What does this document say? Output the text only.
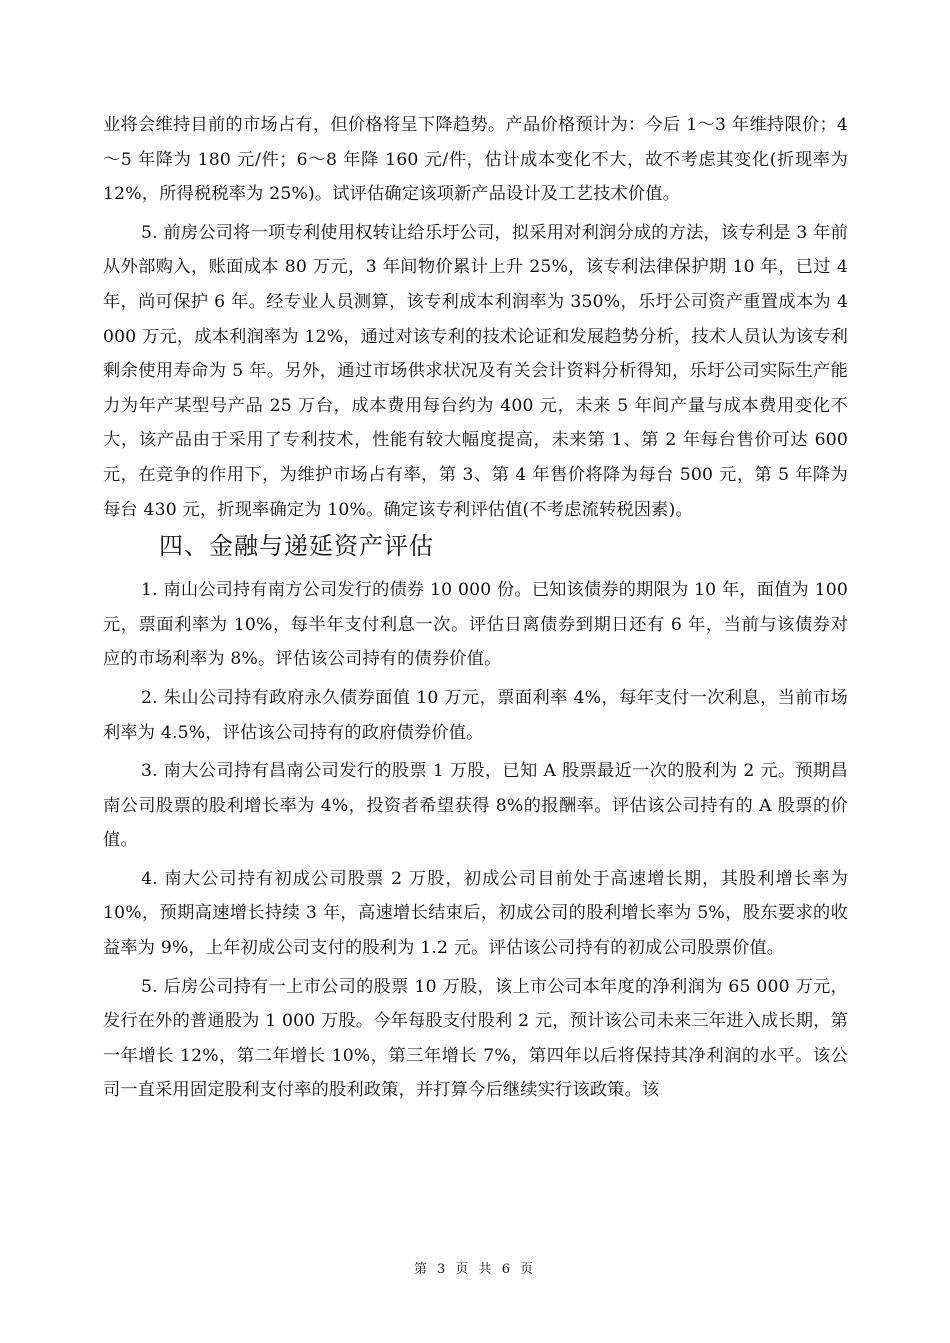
业将会维持目前的市场占有，但价格将呈下降趋势。产品价格预计为：今后 1～3 年维持限价；4～5 年降为 180 元/件；6～8 年降 160 元/件，估计成本变化不大，故不考虑其变化(折现率为 12%，所得税税率为 25%)。试评估确定该项新产品设计及工艺技术价值。

5. 前房公司将一项专利使用权转让给乐圩公司，拟采用对利润分成的方法，该专利是 3 年前从外部购入，账面成本 80 万元，3 年间物价累计上升 25%，该专利法律保护期 10 年，已过 4 年，尚可保护 6 年。经专业人员测算，该专利成本利润率为 350%，乐圩公司资产重置成本为 4 000 万元，成本利润率为 12%，通过对该专利的技术论证和发展趋势分析，技术人员认为该专利剩余使用寿命为 5 年。另外，通过市场供求状况及有关会计资料分析得知，乐圩公司实际生产能力为年产某型号产品 25 万台，成本费用每台约为 400 元，未来 5 年间产量与成本费用变化不大，该产品由于采用了专利技术，性能有较大幅度提高，未来第 1、第 2 年每台售价可达 600 元，在竞争的作用下，为维护市场占有率，第 3、第 4 年售价将降为每台 500 元，第 5 年降为每台 430 元，折现率确定为 10%。确定该专利评估值(不考虑流转税因素)。

四、金融与递延资产评估

1. 南山公司持有南方公司发行的债券 10 000 份。已知该债券的期限为 10 年，面值为 100 元，票面利率为 10%，每半年支付利息一次。评估日离债券到期日还有 6 年，当前与该债券对应的市场利率为 8%。评估该公司持有的债券价值。

2. 朱山公司持有政府永久债券面值 10 万元，票面利率 4%，每年支付一次利息，当前市场利率为 4.5%，评估该公司持有的政府债券价值。

3. 南大公司持有昌南公司发行的股票 1 万股，已知 A 股票最近一次的股利为 2 元。预期昌南公司股票的股利增长率为 4%，投资者希望获得 8%的报酬率。评估该公司持有的 A 股票的价值。

4. 南大公司持有初成公司股票 2 万股，初成公司目前处于高速增长期，其股利增长率为 10%，预期高速增长持续 3 年，高速增长结束后，初成公司的股利增长率为 5%，股东要求的收益率为 9%，上年初成公司支付的股利为 1.2 元。评估该公司持有的初成公司股票价值。

5. 后房公司持有一上市公司的股票 10 万股，该上市公司本年度的净利润为 65 000 万元，发行在外的普通股为 1 000 万股。今年每股支付股利 2 元，预计该公司未来三年进入成长期，第一年增长 12%，第二年增长 10%，第三年增长 7%，第四年以后将保持其净利润的水平。该公司一直采用固定股利支付率的股利政策，并打算今后继续实行该政策。该

第 3 页 共 6 页
